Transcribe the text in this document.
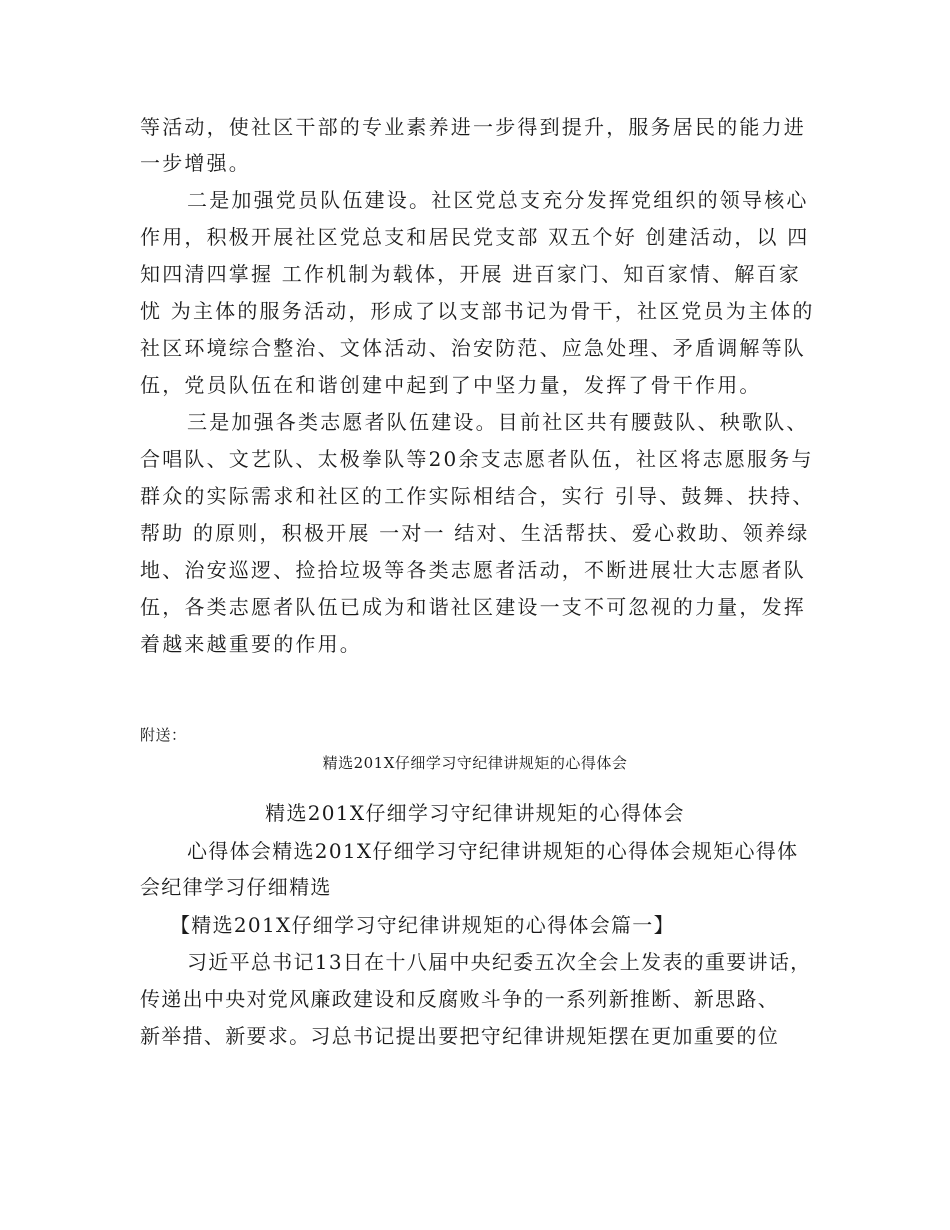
等活动，使社区干部的专业素养进一步得到提升，服务居民的能力进
一步增强。
二是加强党员队伍建设。社区党总支充分发挥党组织的领导核心
作用，积极开展社区党总支和居民党支部 双五个好 创建活动，以 四
知四清四掌握 工作机制为载体，开展 进百家门、知百家情、解百家
忧 为主体的服务活动，形成了以支部书记为骨干，社区党员为主体的
社区环境综合整治、文体活动、治安防范、应急处理、矛盾调解等队
伍，党员队伍在和谐创建中起到了中坚力量，发挥了骨干作用。
三是加强各类志愿者队伍建设。目前社区共有腰鼓队、秧歌队、
合唱队、文艺队、太极拳队等20余支志愿者队伍，社区将志愿服务与
群众的实际需求和社区的工作实际相结合，实行 引导、鼓舞、扶持、
帮助 的原则，积极开展 一对一 结对、生活帮扶、爱心救助、领养绿
地、治安巡逻、捡拾垃圾等各类志愿者活动，不断进展壮大志愿者队
伍，各类志愿者队伍已成为和谐社区建设一支不可忽视的力量，发挥
着越来越重要的作用。
附送：
精选201X仔细学习守纪律讲规矩的心得体会
精选201X仔细学习守纪律讲规矩的心得体会
心得体会精选201X仔细学习守纪律讲规矩的心得体会规矩心得体
会纪律学习仔细精选
【精选201X仔细学习守纪律讲规矩的心得体会篇一】
习近平总书记13日在十八届中央纪委五次全会上发表的重要讲话，
传递出中央对党风廉政建设和反腐败斗争的一系列新推断、新思路、
新举措、新要求。习总书记提出要把守纪律讲规矩摆在更加重要的位
